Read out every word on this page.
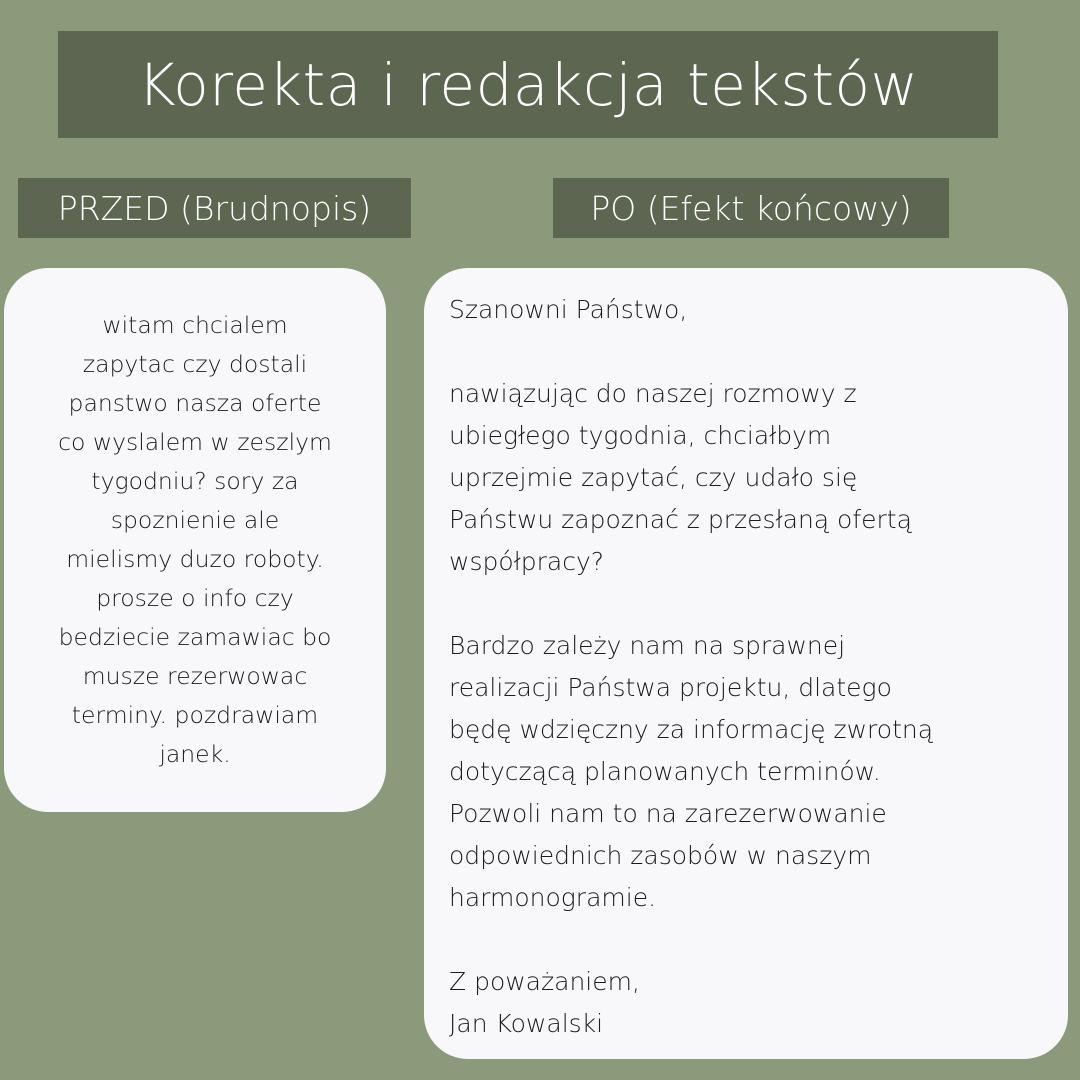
Korekta i redakcja tekstów
PRZED (Brudnopis)	PO (Efekt końcowy)
witam chcialem
zapytac czy dostali
panstwo nasza oferte
co wyslalem w zeszlym
tygodniu? sory za
spoznienie ale
mielismy duzo roboty.
prosze o info czy
bedziecie zamawiac bo
musze rezerwowac
terminy. pozdrawiam
janek.
Szanowni Państwo,
nawiązując do naszej rozmowy z
ubiegłego tygodnia, chciałbym
uprzejmie zapytać, czy udało się
Państwu zapoznać z przesłaną ofertą
współpracy?
Bardzo zależy nam na sprawnej
realizacji Państwa projektu, dlatego
będę wdzięczny za informację zwrotną
dotyczącą planowanych terminów.
Pozwoli nam to na zarezerwowanie
odpowiednich zasobów w naszym
harmonogramie.
Z poważaniem,
Jan Kowalski
